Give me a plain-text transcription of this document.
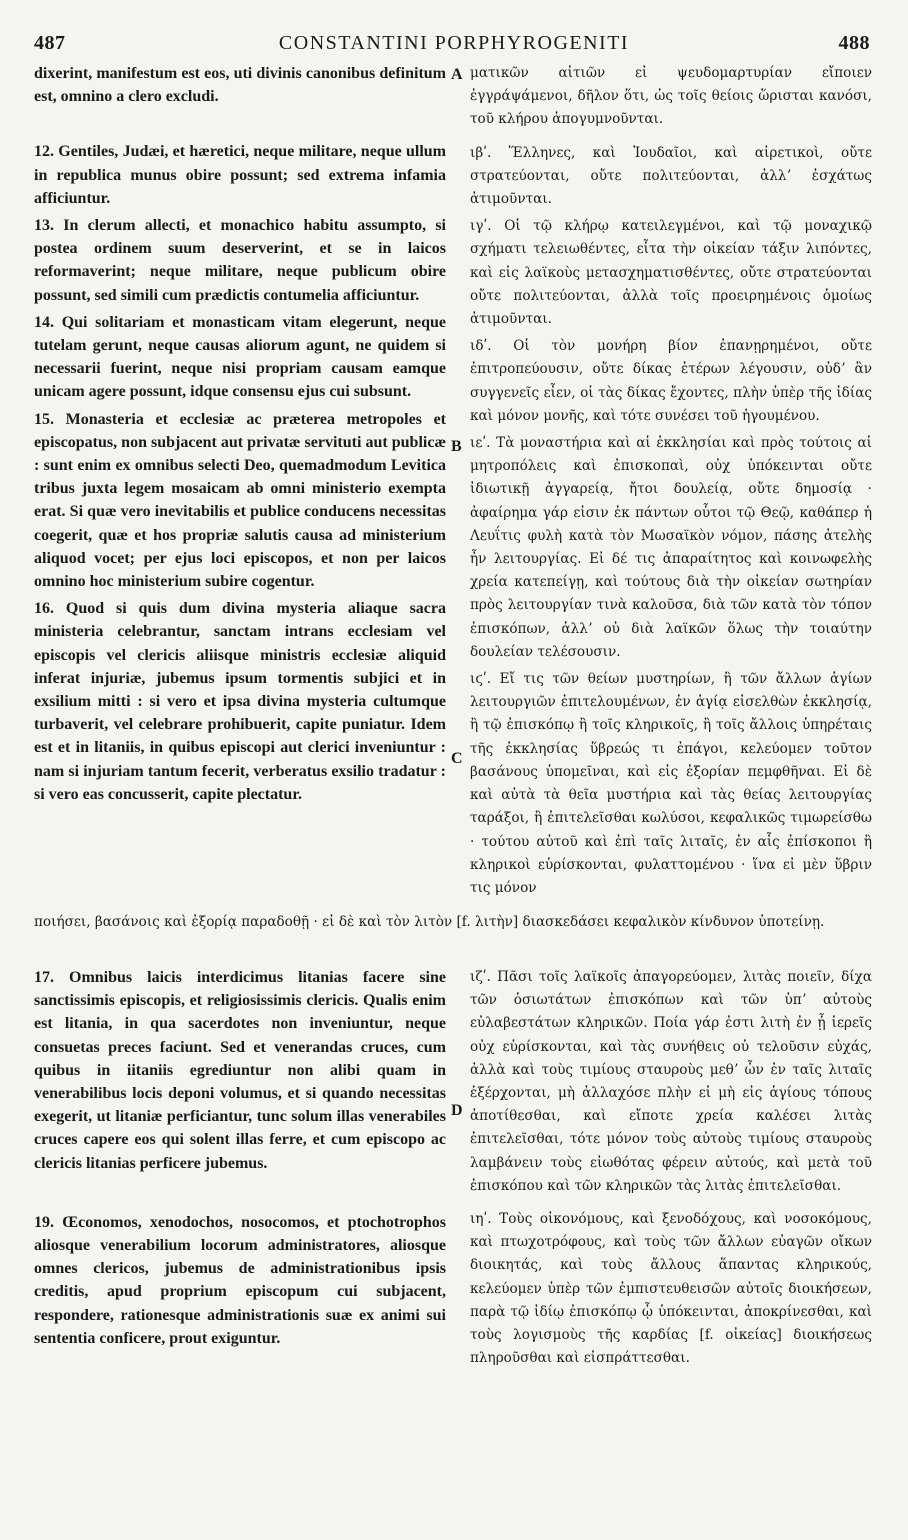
487	CONSTANTINI PORPHYROGENITI	488

dixerint, manifestum est eos, uti divinis canonibus definitum est, omnino a clero excludi.

12. Gentiles, Judæi, et hæretici, neque militare, neque ullum in republica munus obire possunt; sed extrema infamia afficiuntur.

13. In clerum allecti, et monachico habitu assumpto, si postea ordinem suum deserverint, et se in laicos reformaverint; neque militare, neque publicum obire possunt, sed simili cum prædictis contumelia afficiuntur.

14. Qui solitariam et monasticam vitam elegerunt, neque tutelam gerunt, neque causas aliorum agunt, ne quidem si necessarii fuerint, neque nisi propriam causam eamque unicam agere possunt, idque consensu ejus cui subsunt.

15. Monasteria et ecclesiæ ac præterea metropoles et episcopatus, non subjacent aut privatæ servituti aut publicæ : sunt enim ex omnibus selecti Deo, quemadmodum Levitica tribus juxta legem mosaicam ab omni ministerio exempta erat. Si quæ vero inevitabilis et publice conducens necessitas coegerit, quæ et hos propriæ salutis causa ad ministerium aliquod vocet; per ejus loci episcopos, et non per laicos omnino hoc ministerium subire cogentur.

16. Quod si quis dum divina mysteria aliaque sacra ministeria celebrantur, sanctam intrans ecclesiam vel episcopis vel clericis aliisque ministris ecclesiæ aliquid inferat injuriæ, jubemus ipsum tormentis subjici et in exsilium mitti : si vero et ipsa divina mysteria cultumque turbaverit, vel celebrare prohibuerit, capite puniatur. Idem est et in litaniis, in quibus episcopi aut clerici inveniuntur : nam si injuriam tantum fecerit, verberatus exsilio tradatur : si vero eas concusserit, capite plectatur.

ματικῶν αἰτιῶν εἰ ψευδομαρτυρίαν εἴποιεν ἐγγράψάμενοι, δῆλον ὅτι, ὡς τοῖς θείοις ὥρισται κανόσι, τοῦ κλήρου ἀπογυμνοῦνται.

ιβʹ. Ἕλληνες, καὶ Ἰουδαῖοι, καὶ αἱρετικοὶ, οὔτε στρατεύονται, οὔτε πολιτεύονται, ἀλλʼ ἐσχάτως ἀτιμοῦνται.

ιγʹ. Οἱ τῷ κλήρῳ κατειλεγμένοι, καὶ τῷ μοναχικῷ σχήματι τελειωθέντες, εἶτα τὴν οἰκείαν τάξιν λιπόντες, καὶ εἰς λαϊκοὺς μετασχηματισθέντες, οὔτε στρατεύονται οὔτε πολιτεύονται, ἀλλὰ τοῖς προειρημένοις ὁμοίως ἀτιμοῦνται.

ιδʹ. Οἱ τὸν μονήρη βίον ἐπανῃρημένοι, οὔτε ἐπιτροπεύουσιν, οὔτε δίκας ἑτέρων λέγουσιν, οὐδʼ ἂν συγγενεῖς εἶεν, οἱ τὰς δίκας ἔχοντες, πλὴν ὑπὲρ τῆς ἰδίας καὶ μόνον μονῆς, καὶ τότε συνέσει τοῦ ἡγουμένου.

ιεʹ. Τὰ μοναστήρια καὶ αἱ ἐκκλησίαι καὶ πρὸς τούτοις αἱ μητροπόλεις καὶ ἐπισκοπαὶ, οὐχ ὑπόκεινται οὔτε ἰδιωτικῇ ἀγγαρείᾳ, ἤτοι δουλείᾳ, οὔτε δημοσίᾳ · ἀφαίρημα γάρ εἰσιν ἐκ πάντων οὗτοι τῷ Θεῷ, καθάπερ ἡ Λευΐτις φυλὴ κατὰ τὸν Μωσαϊκὸν νόμον, πάσης ἀτελὴς ἦν λειτουργίας. Εἰ δέ τις ἀπαραίτητος καὶ κοινωφελὴς χρεία κατεπείγῃ, καὶ τούτους διὰ τὴν οἰκείαν σωτηρίαν πρὸς λειτουργίαν τινὰ καλοῦσα, διὰ τῶν κατὰ τὸν τόπον ἐπισκόπων, ἀλλʼ οὐ διὰ λαϊκῶν ὅλως τὴν τοιαύτην δουλείαν τελέσουσιν.

ιϛʹ. Εἴ τις τῶν θείων μυστηρίων, ἢ τῶν ἄλλων ἁγίων λειτουργιῶν ἐπιτελουμένων, ἐν ἁγίᾳ εἰσελθὼν ἐκκλησίᾳ, ἢ τῷ ἐπισκόπῳ ἢ τοῖς κληρικοῖς, ἢ τοῖς ἄλλοις ὑπηρέταις τῆς ἐκκλησίας ὕβρεώς τι ἐπάγοι, κελεύομεν τοῦτον βασάνους ὑπομεῖναι, καὶ εἰς ἐξορίαν πεμφθῆναι. Εἰ δὲ καὶ αὐτὰ τὰ θεῖα μυστήρια καὶ τὰς θείας λειτουργίας ταράξοι, ἢ ἐπιτελεῖσθαι κωλύσοι, κεφαλικῶς τιμωρείσθω · τούτου αὐτοῦ καὶ ἐπὶ ταῖς λιταῖς, ἐν αἷς ἐπίσκοποι ἢ κληρικοὶ εὑρίσκονται, φυλαττομένου · ἵνα εἰ μὲν ὕβριν τις μόνον

ποιήσει, βασάνοις καὶ ἐξορίᾳ παραδοθῇ · εἰ δὲ καὶ τὸν λιτὸν [f. λιτὴν] διασκεδάσει κεφαλικὸν κίνδυνον ὑποτείνῃ.

17. Omnibus laicis interdicimus litanias facere sine sanctissimis episcopis, et religiosissimis clericis. Qualis enim est litania, in qua sacerdotes non inveniuntur, neque consuetas preces faciunt. Sed et venerandas cruces, cum quibus in iitaniis egrediuntur non alibi quam in venerabilibus locis deponi volumus, et si quando necessitas exegerit, ut litaniæ perficiantur, tunc solum illas venerabiles cruces capere eos qui solent illas ferre, et cum episcopo ac clericis litanias perficere jubemus.

19. Œconomos, xenodochos, nosocomos, et ptochotrophos aliosque venerabilium locorum administratores, aliosque omnes clericos, jubemus de administrationibus ipsis creditis, apud proprium episcopum cui subjacent, respondere, rationesque administrationis suæ ex animi sui sententia conficere, prout exiguntur.

ιζʹ. Πᾶσι τοῖς λαϊκοῖς ἀπαγορεύομεν, λιτὰς ποιεῖν, δίχα τῶν ὁσιωτάτων ἐπισκόπων καὶ τῶν ὑπʼ αὐτοὺς εὐλαβεστάτων κληρικῶν. Ποία γάρ ἐστι λιτὴ ἐν ᾗ ἱερεῖς οὐχ εὑρίσκονται, καὶ τὰς συνήθεις οὐ τελοῦσιν εὐχάς, ἀλλὰ καὶ τοὺς τιμίους σταυροὺς μεθʼ ὧν ἐν ταῖς λιταῖς ἐξέρχονται, μὴ ἀλλαχόσε πλὴν εἰ μὴ εἰς ἁγίους τόπους ἀποτίθεσθαι, καὶ εἴποτε χρεία καλέσει λιτὰς ἐπιτελεῖσθαι, τότε μόνον τοὺς αὐτοὺς τιμίους σταυροὺς λαμβάνειν τοὺς εἰωθότας φέρειν αὐτούς, καὶ μετὰ τοῦ ἐπισκόπου καὶ τῶν κληρικῶν τὰς λιτὰς ἐπιτελεῖσθαι.

ιηʹ. Τοὺς οἰκονόμους, καὶ ξενοδόχους, καὶ νοσοκόμους, καὶ πτωχοτρόφους, καὶ τοὺς τῶν ἄλλων εὐαγῶν οἴκων διοικητάς, καὶ τοὺς ἄλλους ἅπαντας κληρικούς, κελεύομεν ὑπὲρ τῶν ἐμπιστευθεισῶν αὐτοῖς διοικήσεων, παρὰ τῷ ἰδίῳ ἐπισκόπῳ ᾧ ὑπόκεινται, ἀποκρίνεσθαι, καὶ τοὺς λογισμοὺς τῆς καρδίας [f. οἰκείας] διοικήσεως πληροῦσθαι καὶ εἰσπράττεσθαι.

A
B
C
D
